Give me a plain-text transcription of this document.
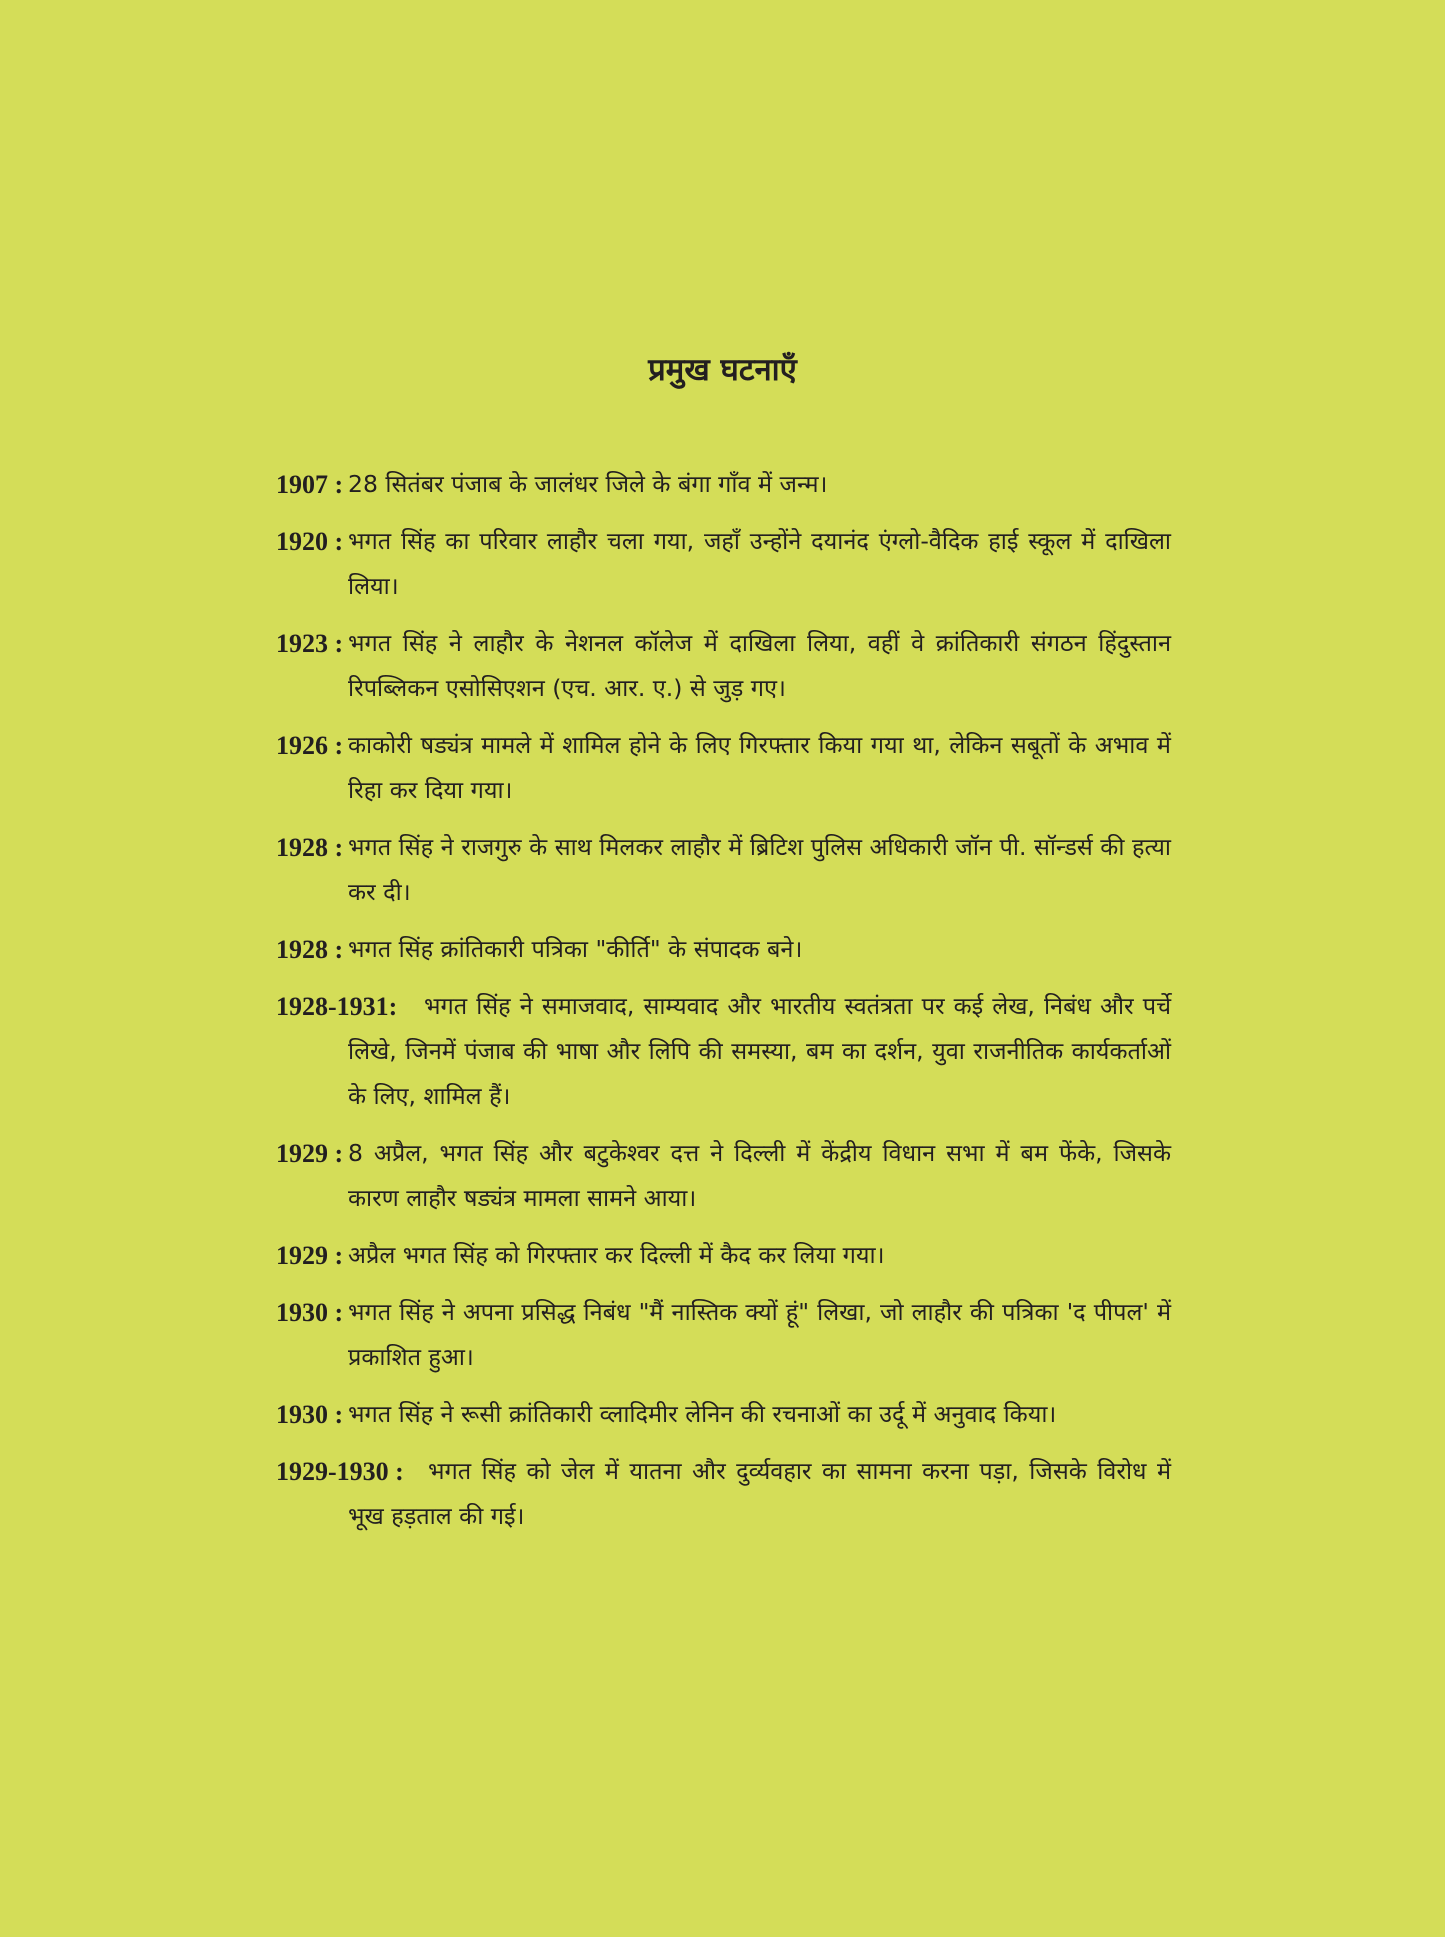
प्रमुख घटनाएँ
1907 : 28 सितंबर पंजाब के जालंधर जिले के बंगा गाँव में जन्म।
1920 : भगत सिंह का परिवार लाहौर चला गया, जहाँ उन्होंने दयानंद एंग्लो-वैदिक हाई स्कूल में दाखिला लिया।
1923 : भगत सिंह ने लाहौर के नेशनल कॉलेज में दाखिला लिया, वहीं वे क्रांतिकारी संगठन हिंदुस्तान रिपब्लिकन एसोसिएशन (एच. आर. ए.) से जुड़ गए।
1926 : काकोरी षड्यंत्र मामले में शामिल होने के लिए गिरफ्तार किया गया था, लेकिन सबूतों के अभाव में रिहा कर दिया गया।
1928 : भगत सिंह ने राजगुरु के साथ मिलकर लाहौर में ब्रिटिश पुलिस अधिकारी जॉन पी. सॉन्डर्स की हत्या कर दी।
1928 : भगत सिंह क्रांतिकारी पत्रिका "कीर्ति" के संपादक बने।
1928-1931:	भगत सिंह ने समाजवाद, साम्यवाद और भारतीय स्वतंत्रता पर कई लेख, निबंध और पर्चे लिखे, जिनमें पंजाब की भाषा और लिपि की समस्या, बम का दर्शन, युवा राजनीतिक कार्यकर्ताओं के लिए, शामिल हैं।
1929 : 8 अप्रैल, भगत सिंह और बटुकेश्वर दत्त ने दिल्ली में केंद्रीय विधान सभा में बम फेंके, जिसके कारण लाहौर षड्यंत्र मामला सामने आया।
1929 : अप्रैल भगत सिंह को गिरफ्तार कर दिल्ली में कैद कर लिया गया।
1930 : भगत सिंह ने अपना प्रसिद्ध निबंध "मैं नास्तिक क्यों हूं" लिखा, जो लाहौर की पत्रिका 'द पीपल' में प्रकाशित हुआ।
1930 : भगत सिंह ने रूसी क्रांतिकारी व्लादिमीर लेनिन की रचनाओं का उर्दू में अनुवाद किया।
1929-1930 :	भगत सिंह को जेल में यातना और दुर्व्यवहार का सामना करना पड़ा, जिसके विरोध में भूख हड़ताल की गई।
